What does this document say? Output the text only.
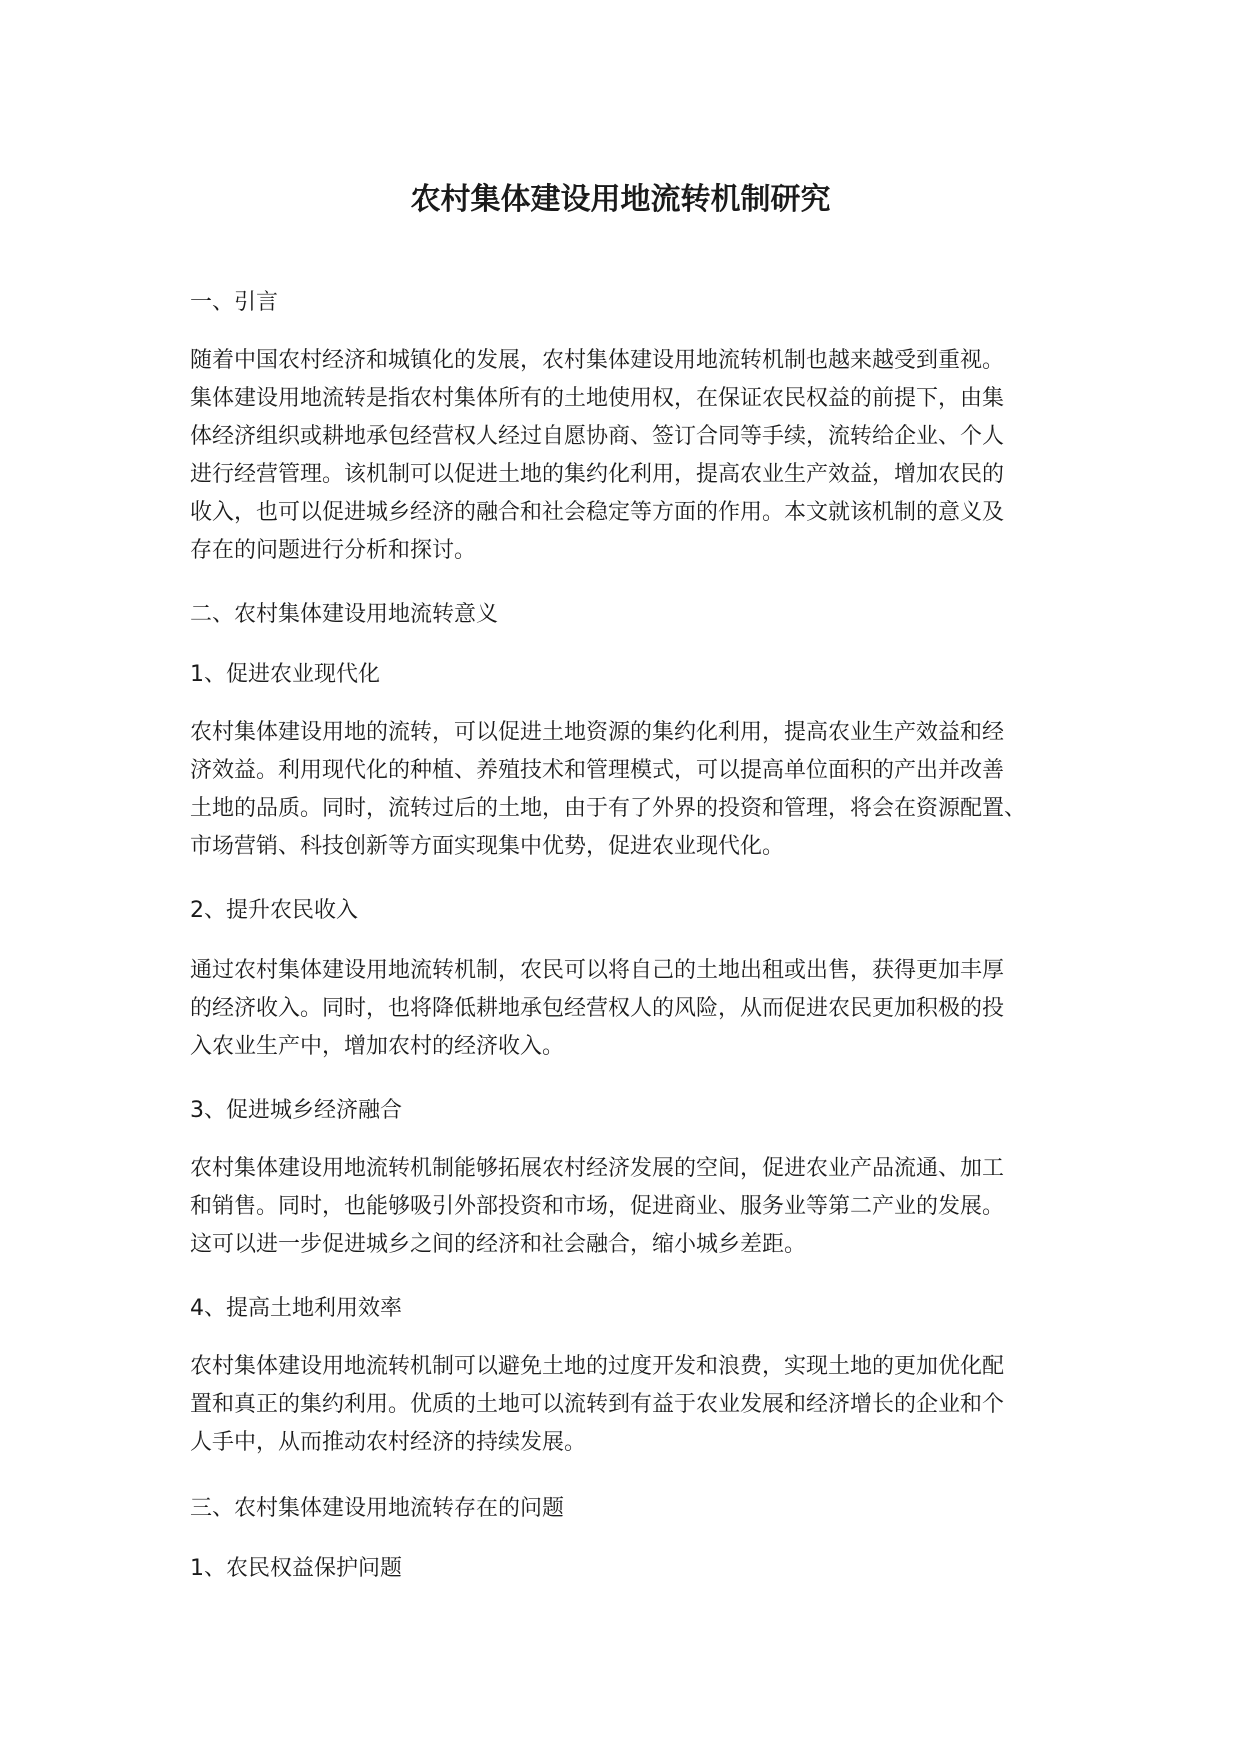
农村集体建设用地流转机制研究

一、引言

随着中国农村经济和城镇化的发展，农村集体建设用地流转机制也越来越受到重视。
集体建设用地流转是指农村集体所有的土地使用权，在保证农民权益的前提下，由集
体经济组织或耕地承包经营权人经过自愿协商、签订合同等手续，流转给企业、个人
进行经营管理。该机制可以促进土地的集约化利用，提高农业生产效益，增加农民的
收入，也可以促进城乡经济的融合和社会稳定等方面的作用。本文就该机制的意义及
存在的问题进行分析和探讨。

二、农村集体建设用地流转意义

1、促进农业现代化

农村集体建设用地的流转，可以促进土地资源的集约化利用，提高农业生产效益和经
济效益。利用现代化的种植、养殖技术和管理模式，可以提高单位面积的产出并改善
土地的品质。同时，流转过后的土地，由于有了外界的投资和管理，将会在资源配置、
市场营销、科技创新等方面实现集中优势，促进农业现代化。

2、提升农民收入

通过农村集体建设用地流转机制，农民可以将自己的土地出租或出售，获得更加丰厚
的经济收入。同时，也将降低耕地承包经营权人的风险，从而促进农民更加积极的投
入农业生产中，增加农村的经济收入。

3、促进城乡经济融合

农村集体建设用地流转机制能够拓展农村经济发展的空间，促进农业产品流通、加工
和销售。同时，也能够吸引外部投资和市场，促进商业、服务业等第二产业的发展。
这可以进一步促进城乡之间的经济和社会融合，缩小城乡差距。

4、提高土地利用效率

农村集体建设用地流转机制可以避免土地的过度开发和浪费，实现土地的更加优化配
置和真正的集约利用。优质的土地可以流转到有益于农业发展和经济增长的企业和个
人手中，从而推动农村经济的持续发展。

三、农村集体建设用地流转存在的问题

1、农民权益保护问题
